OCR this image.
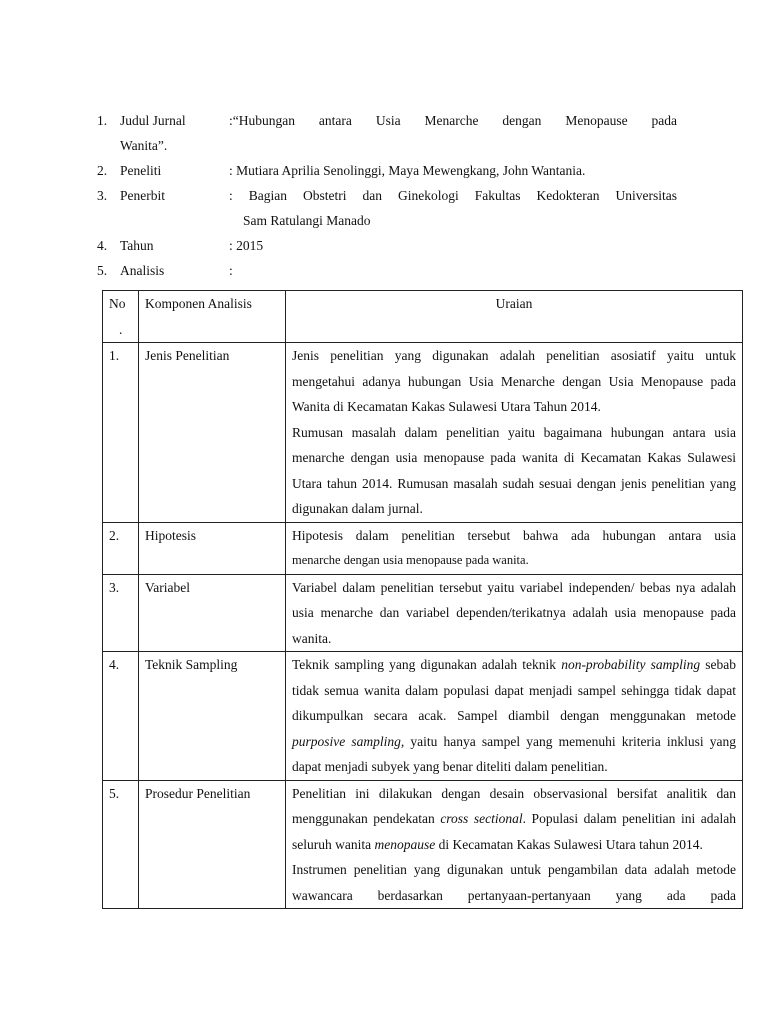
1. Judul Jurnal	:“Hubungan antara Usia Menarche dengan Menopause pada
Wanita”.
2. Peneliti	: Mutiara Aprilia Senolinggi, Maya Mewengkang, John Wantania.
3. Penerbit	: Bagian Obstetri dan Ginekologi Fakultas Kedokteran Universitas
Sam Ratulangi Manado
4. Tahun	: 2015
5. Analisis	:
No
.	Komponen Analisis	Uraian
1.	Jenis Penelitian	Jenis penelitian yang digunakan adalah penelitian asosiatif yaitu untuk mengetahui adanya hubungan Usia Menarche dengan Usia Menopause pada Wanita di Kecamatan Kakas Sulawesi Utara Tahun 2014.

Rumusan masalah dalam penelitian yaitu bagaimana hubungan antara usia menarche dengan usia menopause pada wanita di Kecamatan Kakas Sulawesi Utara tahun 2014. Rumusan masalah sudah sesuai dengan jenis penelitian yang digunakan dalam jurnal.

2.	Hipotesis	Hipotesis dalam penelitian tersebut bahwa ada hubungan antara usia

menarche dengan usia menopause pada wanita.

3.	Variabel	Variabel dalam penelitian tersebut yaitu variabel independen/ bebas nya adalah usia menarche dan variabel dependen/terikatnya adalah usia menopause pada wanita.

4.	Teknik Sampling	Teknik sampling yang digunakan adalah teknik non-probability sampling sebab tidak semua wanita dalam populasi dapat menjadi sampel sehingga tidak dapat dikumpulkan secara acak. Sampel diambil dengan menggunakan metode purposive sampling, yaitu hanya sampel yang memenuhi kriteria inklusi yang dapat menjadi subyek yang benar diteliti dalam penelitian.

5.	Prosedur Penelitian	Penelitian ini dilakukan dengan desain observasional bersifat analitik dan menggunakan pendekatan cross sectional. Populasi dalam penelitian ini adalah seluruh wanita menopause di Kecamatan Kakas Sulawesi Utara tahun 2014.

Instrumen penelitian yang digunakan untuk pengambilan data adalah metode wawancara berdasarkan pertanyaan-pertanyaan yang ada pada
